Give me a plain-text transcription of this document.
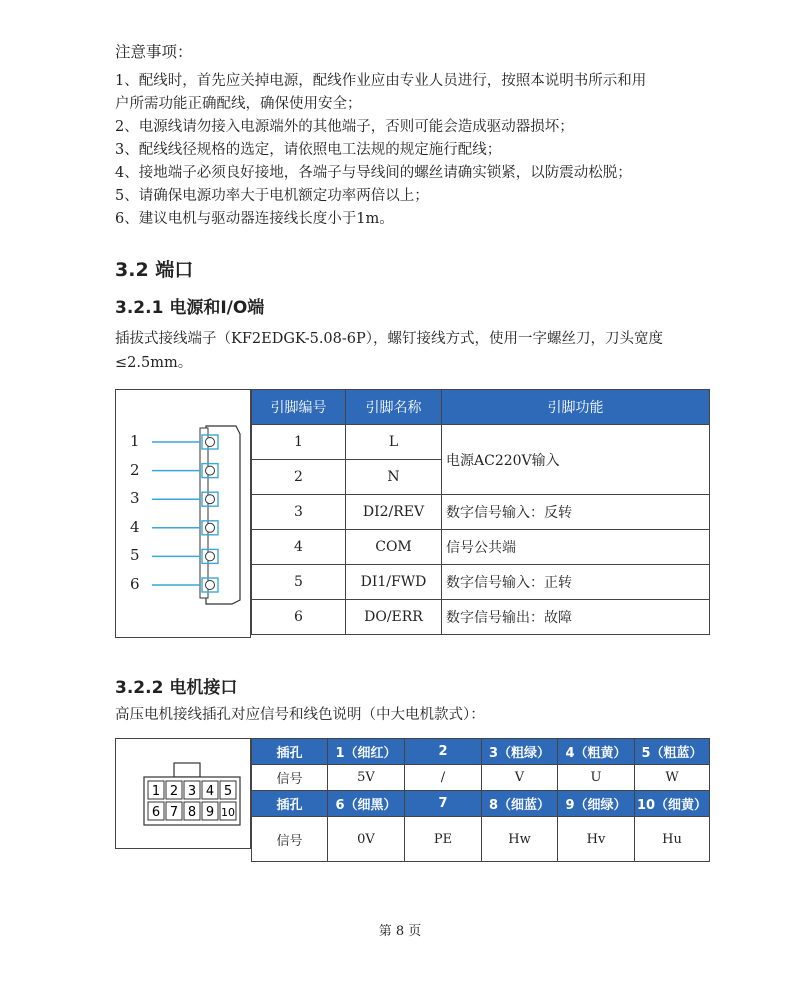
注意事项：
1、配线时，首先应关掉电源，配线作业应由专业人员进行，按照本说明书所示和用
户所需功能正确配线，确保使用安全；
2、电源线请勿接入电源端外的其他端子，否则可能会造成驱动器损坏；
3、配线线径规格的选定，请依照电工法规的规定施行配线；
4、接地端子必须良好接地，各端子与导线间的螺丝请确实锁紧，以防震动松脱；
5、请确保电源功率大于电机额定功率两倍以上；
6、建议电机与驱动器连接线长度小于1m。
3.2 端口
3.2.1 电源和I/O端
插拔式接线端子（KF2EDGK-5.08-6P），螺钉接线方式，使用一字螺丝刀，刀头宽度
≤2.5mm。
1
2
3
4
5
6
引脚编号	引脚名称	引脚功能
1	L	电源AC220V输入
2	N	
3	DI2/REV	数字信号输入：反转
4	COM	信号公共端
5	DI1/FWD	数字信号输入：正转
6	DO/ERR	数字信号输出：故障
3.2.2 电机接口
高压电机接线插孔对应信号和线色说明（中大电机款式）：
1 2 3 4 5
6 7 8 9 10
插孔	1（细红）	2	3（粗绿）	4（粗黄）	5（粗蓝）
信号	5V	/	V	U	W
插孔	6（细黑）	7	8（细蓝）	9（细绿）	10（细黄）
信号	0V	PE	Hw	Hv	Hu
第 8 页
